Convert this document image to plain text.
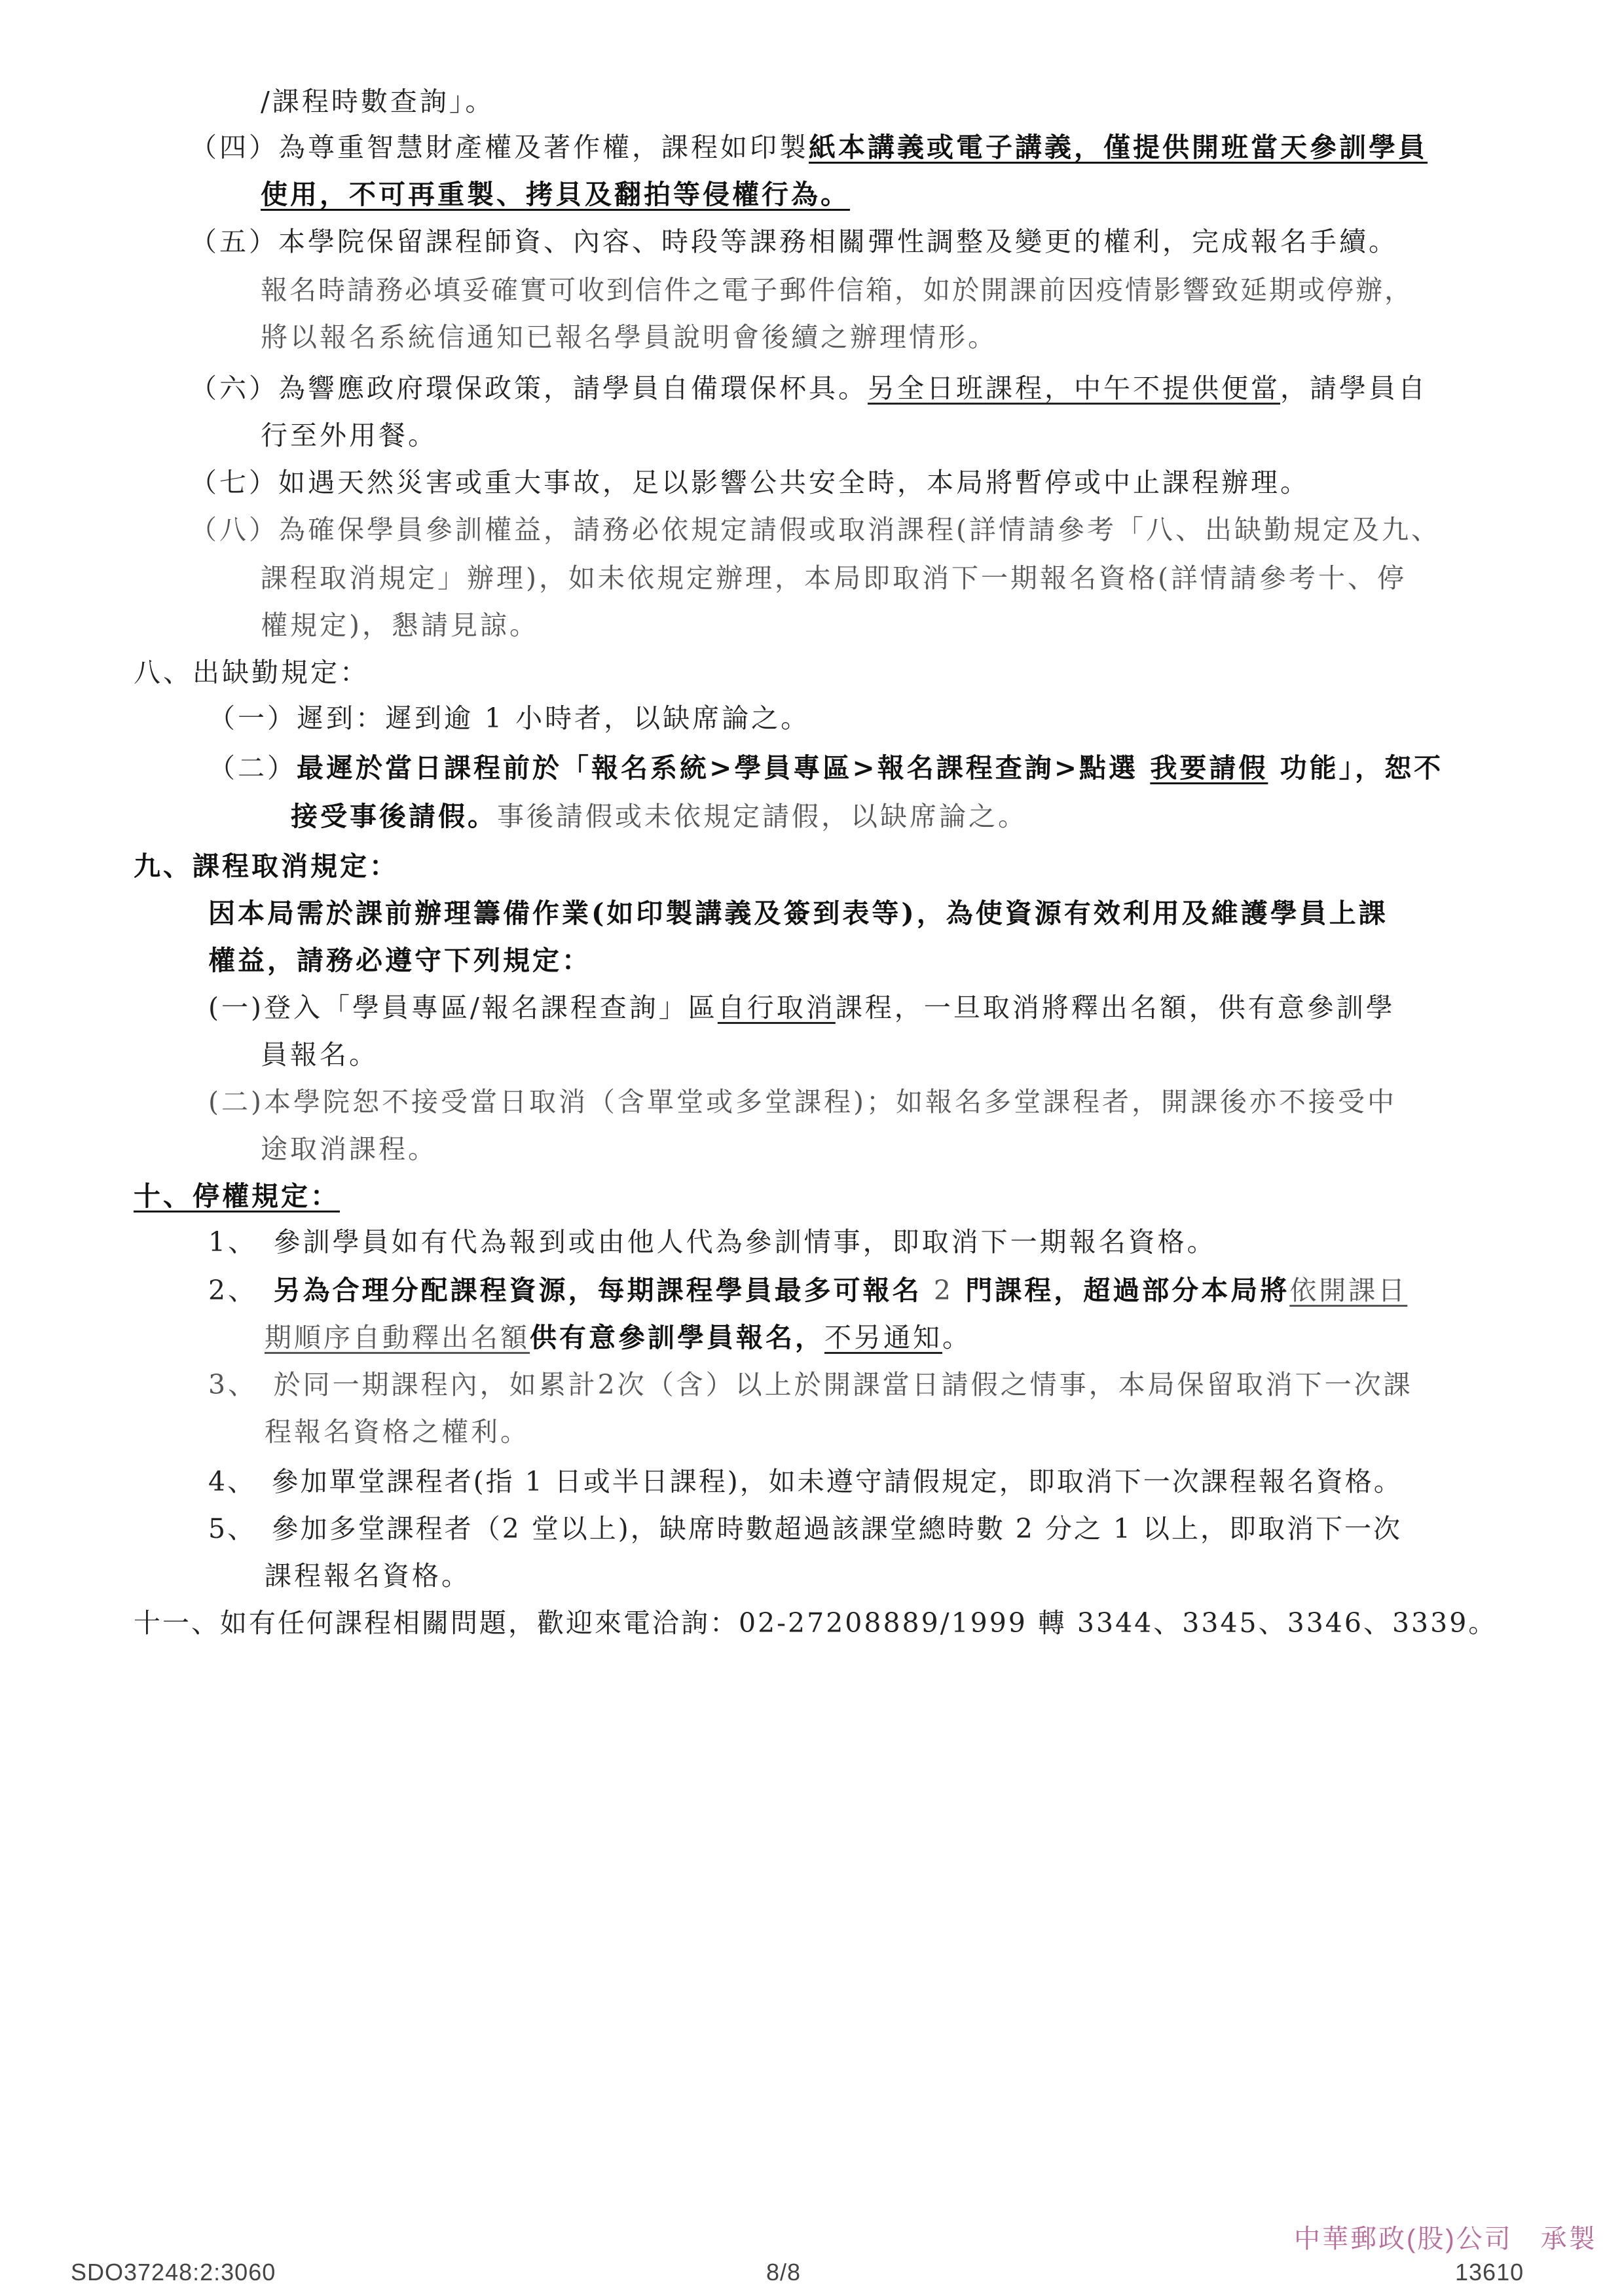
/課程時數查詢」。
（四）為尊重智慧財產權及著作權，課程如印製紙本講義或電子講義，僅提供開班當天參訓學員
使用，不可再重製、拷貝及翻拍等侵權行為。
（五）本學院保留課程師資、內容、時段等課務相關彈性調整及變更的權利，完成報名手續。
報名時請務必填妥確實可收到信件之電子郵件信箱，如於開課前因疫情影響致延期或停辦，
將以報名系統信通知已報名學員說明會後續之辦理情形。
（六）為響應政府環保政策，請學員自備環保杯具。另全日班課程，中午不提供便當，請學員自
行至外用餐。
（七）如遇天然災害或重大事故，足以影響公共安全時，本局將暫停或中止課程辦理。
（八）為確保學員參訓權益，請務必依規定請假或取消課程(詳情請參考「八、出缺勤規定及九、
課程取消規定」辦理)，如未依規定辦理，本局即取消下一期報名資格(詳情請參考十、停
權規定)，懇請見諒。
八、出缺勤規定：
（一）遲到：遲到逾 1 小時者，以缺席論之。
（二）最遲於當日課程前於「報名系統>學員專區>報名課程查詢>點選 我要請假 功能」，恕不
接受事後請假。事後請假或未依規定請假，以缺席論之。
九、課程取消規定：
因本局需於課前辦理籌備作業(如印製講義及簽到表等)，為使資源有效利用及維護學員上課
權益，請務必遵守下列規定：
(一)登入「學員專區/報名課程查詢」區自行取消課程，一旦取消將釋出名額，供有意參訓學
員報名。
(二)本學院恕不接受當日取消（含單堂或多堂課程)；如報名多堂課程者，開課後亦不接受中
途取消課程。
十、停權規定：
1、　 參訓學員如有代為報到或由他人代為參訓情事，即取消下一期報名資格。
2、　 另為合理分配課程資源，每期課程學員最多可報名 2 門課程，超過部分本局將依開課日
期順序自動釋出名額供有意參訓學員報名，不另通知。
3、　 於同一期課程內，如累計2次（含）以上於開課當日請假之情事，本局保留取消下一次課
程報名資格之權利。
4、　 參加單堂課程者(指 1 日或半日課程)，如未遵守請假規定，即取消下一次課程報名資格。
5、　 參加多堂課程者（2 堂以上)，缺席時數超過該課堂總時數 2 分之 1 以上，即取消下一次
課程報名資格。
十一、如有任何課程相關問題，歡迎來電洽詢：02-27208889/1999 轉 3344、3345、3346、3339。
中華郵政(股)公司　承製
SDO37248:2:3060	8/8	13610
